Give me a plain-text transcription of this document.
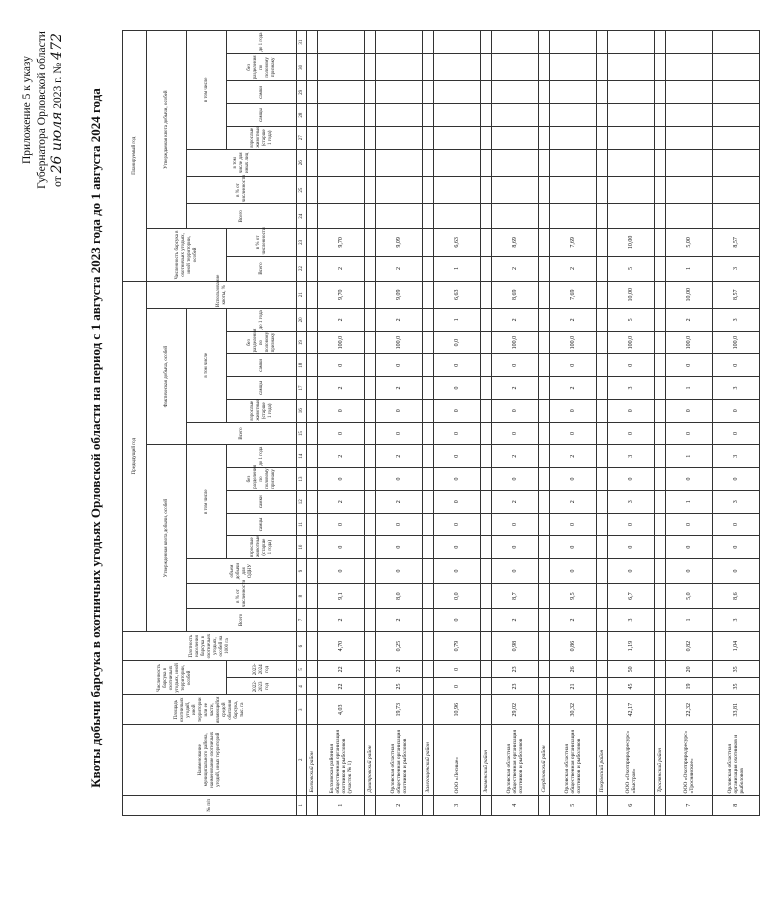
Приложение 5 к указу Губернатора Орловской области от 26 июля 2023 г. № 472
Квоты добычи барсука в охотничьих угодьях Орловской области на период с 1 августа 2023 года до 1 августа 2024 года
№ п/п	Наименование муниципального района, наименование охотничьих угодий, иных территорий	Площадь охотничьих угодий, иной территории или ее части, являющейся средой обитания барсука, тыс. га	Численность барсука в охотничьих угодьях, иной территории, особей		Плотность населения барсука в охотничьих угодьях, особей на 1000 га	Предыдущий год															Планируемый год									
						Утвержденная квота добычи, особей								Фактическая добыча, особей						Использование квоты, %	Численность барсука в охотничьих угодьях, иной территории, особей		Утверждаемая квота добычи, особей							
						Всего	в % от численности	объем добычи для ОДНУ	в том числе					Всего	в том числе								Всего	в % от численности	в том числе для иных лиц	в том числе				
			2022-2023 год	2023-2024 год					взрослые животные (старше 1 года)	самцы	самки	без разделения по половому признаку	до 1 года		взрослые животные (старше 1 года)	самцы	самки	без разделения по половому признаку	до 1 года		Всего	в % от численности				взрослые животные (старше 1 года)	самцы	самки	без разделения по половому признаку	до 1 года
1	2	3	4	5	6	7	8	9	10	11	12	13	14	15	16	17	18	19	20	21	22	23	24	25	26	27	28	29	30	31
	Болховский район																													
1	Болховская районная общественная организация охотников и рыболовов (участок № 1)	4,03	22	22	4,70	2	9,1	0	0	0	2	0	2	0	0	2	0	100,0	2	9,70	2	9,70								
	Дмитровский район																													
2	Орловская областная общественная организация охотников и рыболовов	19,73	25	22	0,25	2	8,0	0	0	0	2	0	2	0	0	2	0	100,0	2	9,09	2	9,09								
	Залегощенский район																													
3	ООО «Лесные»	10,96	0	0	0,79	0	0,0	0	0	0	0	0	0	0	0	0	0	0,0	1	6,63	1	6,63								
	Знаменский район																													
4	Орловская областная общественная организация охотников и рыболовов	29,02	23	23	0,98	2	8,7	0	0	0	2	0	2	0	0	2	0	100,0	2	8,69	2	8,69								
	Свердловский район																													
5	Орловская областная общественная организация охотников и рыболовов	30,32	21	26	0,86	2	9,5	0	0	0	2	0	2	0	0	2	0	100,0	2	7,69	2	7,69								
	Покровский район																													
6	ООО «Охотприродресурс» «Быстрая»	42,17	45	50	1,19	3	6,7	0	0	0	3	0	3	0	0	3	0	100,0	5	10,00	5	10,00								
	Троснянский район																													
7	ООО «Охотприродресурс» «Троснянское»	22,32	19	20	0,82	1	5,0	0	0	0	1	0	1	0	0	1	0	100,0	2	10,00	1	5,00								
8	Орловская областная организация охотников и рыболовов	33,81	35	35	1,04	3	8,6	0	0	0	3	0	3	0	0	3	0	100,0	3	8,57	3	8,57								
